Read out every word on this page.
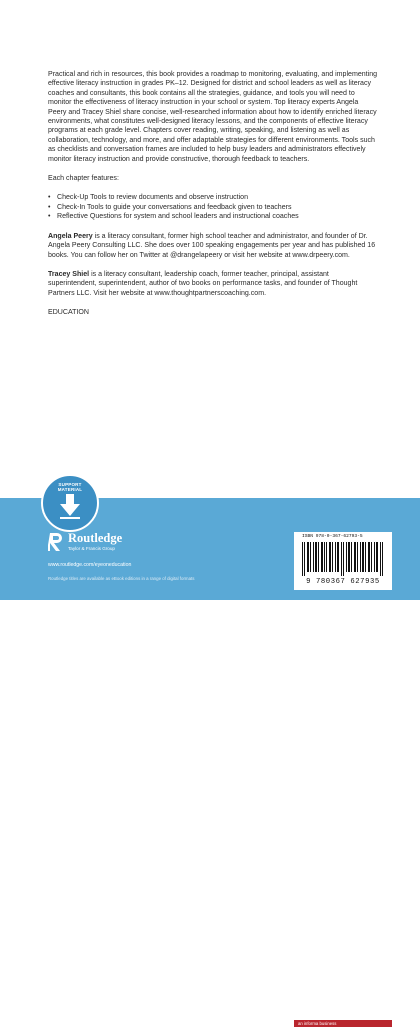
Practical and rich in resources, this book provides a roadmap to monitoring, evaluating, and implementing effective literacy instruction in grades PK–12. Designed for district and school leaders as well as literacy coaches and consultants, this book contains all the strategies, guidance, and tools you will need to monitor the effectiveness of literacy instruction in your school or system. Top literacy experts Angela Peery and Tracey Shiel share concise, well-researched information about how to identify enriched literacy environments, what constitutes well-designed literacy lessons, and the components of effective literacy programs at each grade level. Chapters cover reading, writing, speaking, and listening as well as collaboration, technology, and more, and offer adaptable strategies for different environments. Tools such as checklists and conversation frames are included to help busy leaders and administrators effectively monitor literacy instruction and provide constructive, thorough feedback to teachers.

Each chapter features:

• Check-Up Tools to review documents and observe instruction
• Check-In Tools to guide your conversations and feedback given to teachers
• Reflective Questions for system and school leaders and instructional coaches

Angela Peery is a literacy consultant, former high school teacher and administrator, and founder of Dr. Angela Peery Consulting LLC. She does over 100 speaking engagements per year and has published 16 books. You can follow her on Twitter at @drangelapeery or visit her website at www.drpeery.com.

Tracey Shiel is a literacy consultant, leadership coach, former teacher, principal, assistant superintendent, superintendent, author of two books on performance tasks, and founder of Thought Partners LLC. Visit her website at www.thoughtpartnerscoaching.com.

EDUCATION

www.routledge.com/9780367627935	Cover image: © Getty Images
an informa business
Routledge
Taylor & Francis Group
www.routledge.com/eyeoneducation
Routledge titles are available as eBook editions in a range of digital formats
ISBN 978-0-367-62793-5
9 780367 627935
SUPPORT MATERIAL
